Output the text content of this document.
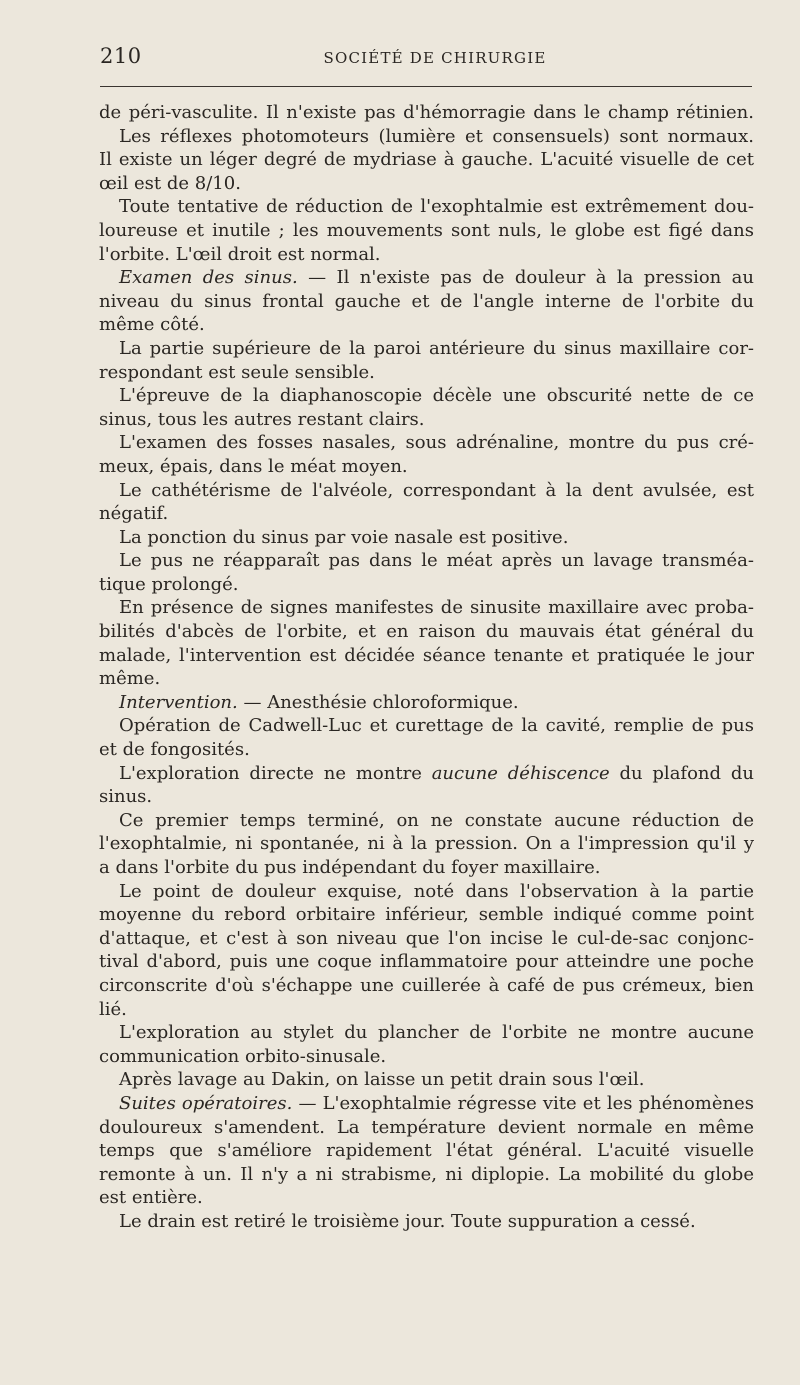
210	SOCIÉTÉ DE CHIRURGIE
de péri-vasculite. Il n'existe pas d'hémorragie dans le champ rétinien.
Les réflexes photomoteurs (lumière et consensuels) sont normaux.
Il existe un léger degré de mydriase à gauche. L'acuité visuelle de cet
œil est de 8/10.
Toute tentative de réduction de l'exophtalmie est extrêmement dou-
loureuse et inutile ; les mouvements sont nuls, le globe est figé dans
l'orbite. L'œil droit est normal.
Examen des sinus. — Il n'existe pas de douleur à la pression au
niveau du sinus frontal gauche et de l'angle interne de l'orbite du
même côté.
La partie supérieure de la paroi antérieure du sinus maxillaire cor-
respondant est seule sensible.
L'épreuve de la diaphanoscopie décèle une obscurité nette de ce
sinus, tous les autres restant clairs.
L'examen des fosses nasales, sous adrénaline, montre du pus cré-
meux, épais, dans le méat moyen.
Le cathétérisme de l'alvéole, correspondant à la dent avulsée, est
négatif.
La ponction du sinus par voie nasale est positive.
Le pus ne réapparaît pas dans le méat après un lavage transméa-
tique prolongé.
En présence de signes manifestes de sinusite maxillaire avec proba-
bilités d'abcès de l'orbite, et en raison du mauvais état général du
malade, l'intervention est décidée séance tenante et pratiquée le jour
même.
Intervention. — Anesthésie chloroformique.
Opération de Cadwell-Luc et curettage de la cavité, remplie de pus
et de fongosités.
L'exploration directe ne montre aucune déhiscence du plafond du
sinus.
Ce premier temps terminé, on ne constate aucune réduction de
l'exophtalmie, ni spontanée, ni à la pression. On a l'impression qu'il y
a dans l'orbite du pus indépendant du foyer maxillaire.
Le point de douleur exquise, noté dans l'observation à la partie
moyenne du rebord orbitaire inférieur, semble indiqué comme point
d'attaque, et c'est à son niveau que l'on incise le cul-de-sac conjonc-
tival d'abord, puis une coque inflammatoire pour atteindre une poche
circonscrite d'où s'échappe une cuillerée à café de pus crémeux, bien
lié.
L'exploration au stylet du plancher de l'orbite ne montre aucune
communication orbito-sinusale.
Après lavage au Dakin, on laisse un petit drain sous l'œil.
Suites opératoires. — L'exophtalmie régresse vite et les phénomènes
douloureux s'amendent. La température devient normale en même
temps que s'améliore rapidement l'état général. L'acuité visuelle
remonte à un. Il n'y a ni strabisme, ni diplopie. La mobilité du globe
est entière.
Le drain est retiré le troisième jour. Toute suppuration a cessé.
